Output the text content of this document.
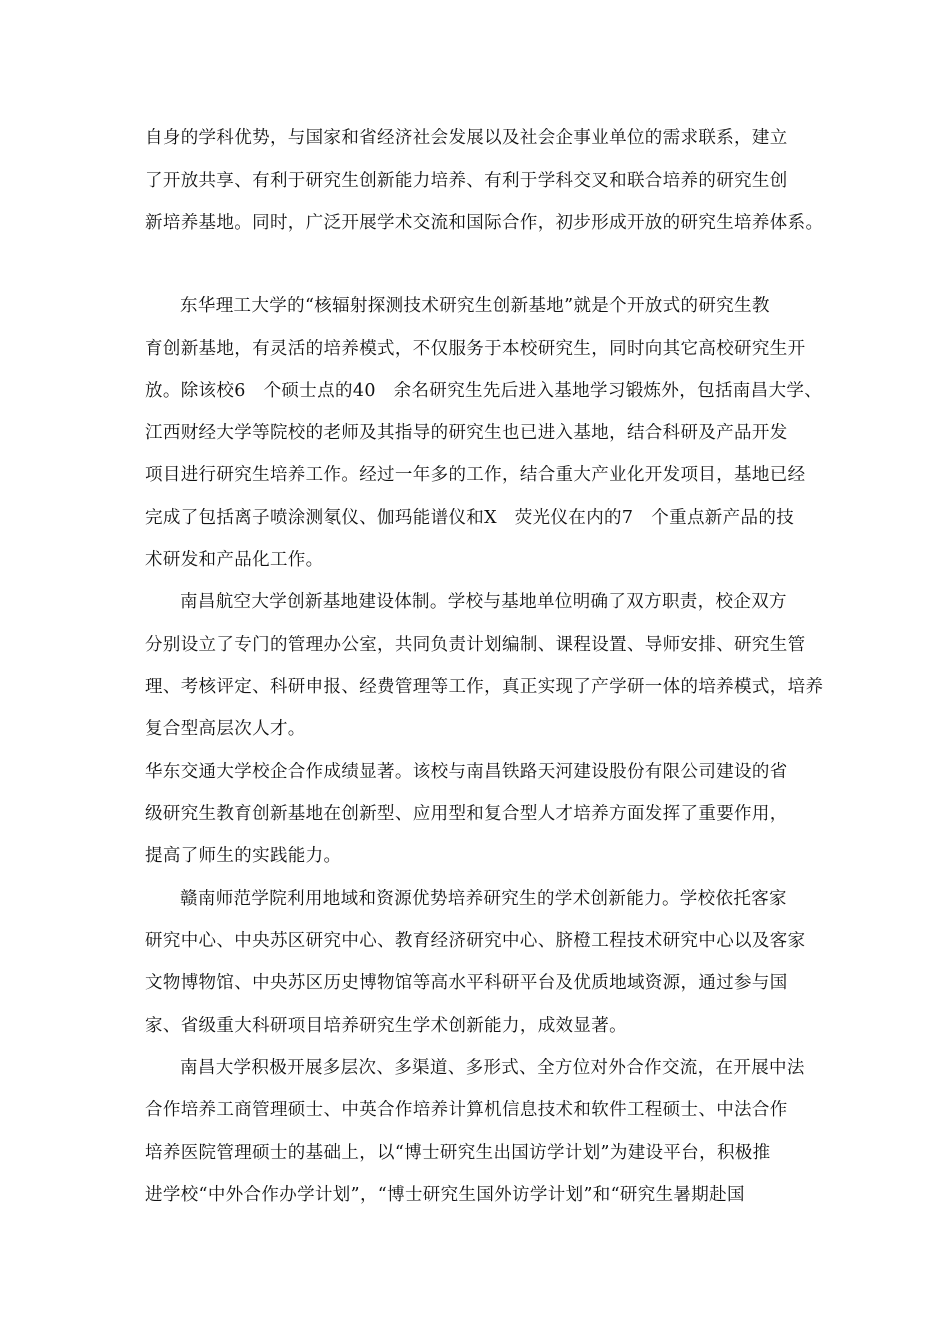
自身的学科优势，与国家和省经济社会发展以及社会企事业单位的需求联系，建立
了开放共享、有利于研究生创新能力培养、有利于学科交叉和联合培养的研究生创
新培养基地。同时，广泛开展学术交流和国际合作，初步形成开放的研究生培养体系。
东华理工大学的“核辐射探测技术研究生创新基地”就是个开放式的研究生教
育创新基地，有灵活的培养模式，不仅服务于本校研究生，同时向其它高校研究生开
放。除该校6　个硕士点的40　余名研究生先后进入基地学习锻炼外，包括南昌大学、
江西财经大学等院校的老师及其指导的研究生也已进入基地，结合科研及产品开发
项目进行研究生培养工作。经过一年多的工作，结合重大产业化开发项目，基地已经
完成了包括离子喷涂测氡仪、伽玛能谱仪和X　荧光仪在内的7　个重点新产品的技
术研发和产品化工作。
南昌航空大学创新基地建设体制。学校与基地单位明确了双方职责，校企双方
分别设立了专门的管理办公室，共同负责计划编制、课程设置、导师安排、研究生管
理、考核评定、科研申报、经费管理等工作，真正实现了产学研一体的培养模式，培养
复合型高层次人才。
华东交通大学校企合作成绩显著。该校与南昌铁路天河建设股份有限公司建设的省
级研究生教育创新基地在创新型、应用型和复合型人才培养方面发挥了重要作用，
提高了师生的实践能力。
赣南师范学院利用地域和资源优势培养研究生的学术创新能力。学校依托客家
研究中心、中央苏区研究中心、教育经济研究中心、脐橙工程技术研究中心以及客家
文物博物馆、中央苏区历史博物馆等高水平科研平台及优质地域资源，通过参与国
家、省级重大科研项目培养研究生学术创新能力，成效显著。
南昌大学积极开展多层次、多渠道、多形式、全方位对外合作交流，在开展中法
合作培养工商管理硕士、中英合作培养计算机信息技术和软件工程硕士、中法合作
培养医院管理硕士的基础上，以“博士研究生出国访学计划”为建设平台，积极推
进学校“中外合作办学计划”，“博士研究生国外访学计划”和“研究生暑期赴国
